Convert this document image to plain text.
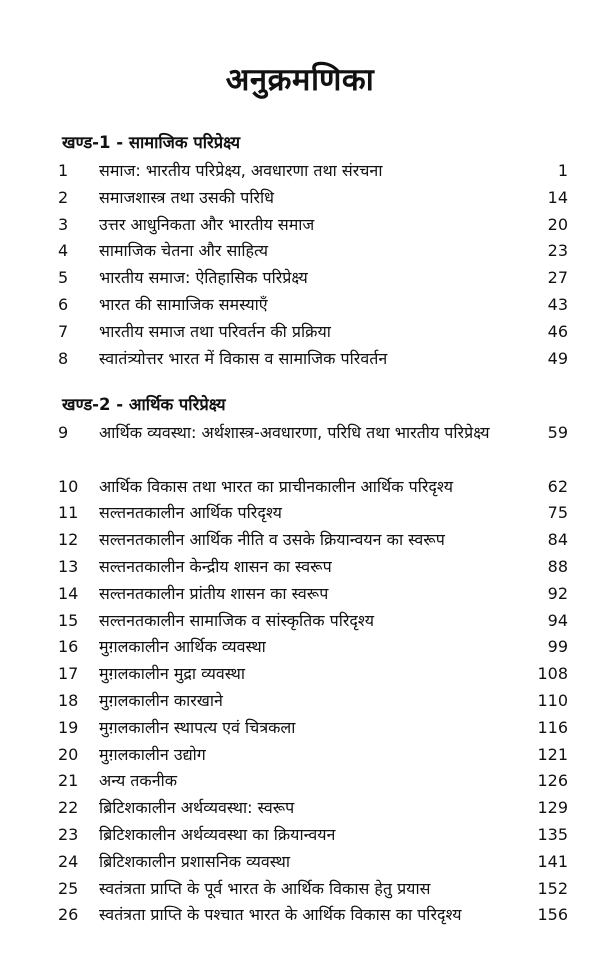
अनुक्रमणिका
खण्ड-1 - सामाजिक परिप्रेक्ष्य
1	समाज: भारतीय परिप्रेक्ष्य, अवधारणा तथा संरचना	1
2	समाजशास्त्र तथा उसकी परिधि	14
3	उत्तर आधुनिकता और भारतीय समाज	20
4	सामाजिक चेतना और साहित्य	23
5	भारतीय समाज: ऐतिहासिक परिप्रेक्ष्य	27
6	भारत की सामाजिक समस्याएँ	43
7	भारतीय समाज तथा परिवर्तन की प्रक्रिया	46
8	स्वातंत्र्योत्तर भारत में विकास व सामाजिक परिवर्तन	49
खण्ड-2 - आर्थिक परिप्रेक्ष्य
9	आर्थिक व्यवस्था: अर्थशास्त्र-अवधारणा, परिधि तथा भारतीय परिप्रेक्ष्य	59
10	आर्थिक विकास तथा भारत का प्राचीनकालीन आर्थिक परिदृश्य	62
11	सल्तनतकालीन आर्थिक परिदृश्य	75
12	सल्तनतकालीन आर्थिक नीति व उसके क्रियान्वयन का स्वरूप	84
13	सल्तनतकालीन केन्द्रीय शासन का स्वरूप	88
14	सल्तनतकालीन प्रांतीय शासन का स्वरूप	92
15	सल्तनतकालीन सामाजिक व सांस्कृतिक परिदृश्य	94
16	मुग़लकालीन आर्थिक व्यवस्था	99
17	मुग़लकालीन मुद्रा व्यवस्था	108
18	मुग़लकालीन कारखाने	110
19	मुग़लकालीन स्थापत्य एवं चित्रकला	116
20	मुग़लकालीन उद्योग	121
21	अन्य तकनीक	126
22	ब्रिटिशकालीन अर्थव्यवस्था: स्वरूप	129
23	ब्रिटिशकालीन अर्थव्यवस्था का क्रियान्वयन	135
24	ब्रिटिशकालीन प्रशासनिक व्यवस्था	141
25	स्वतंत्रता प्राप्ति के पूर्व भारत के आर्थिक विकास हेतु प्रयास	152
26	स्वतंत्रता प्राप्ति के पश्चात भारत के आर्थिक विकास का परिदृश्य	156
